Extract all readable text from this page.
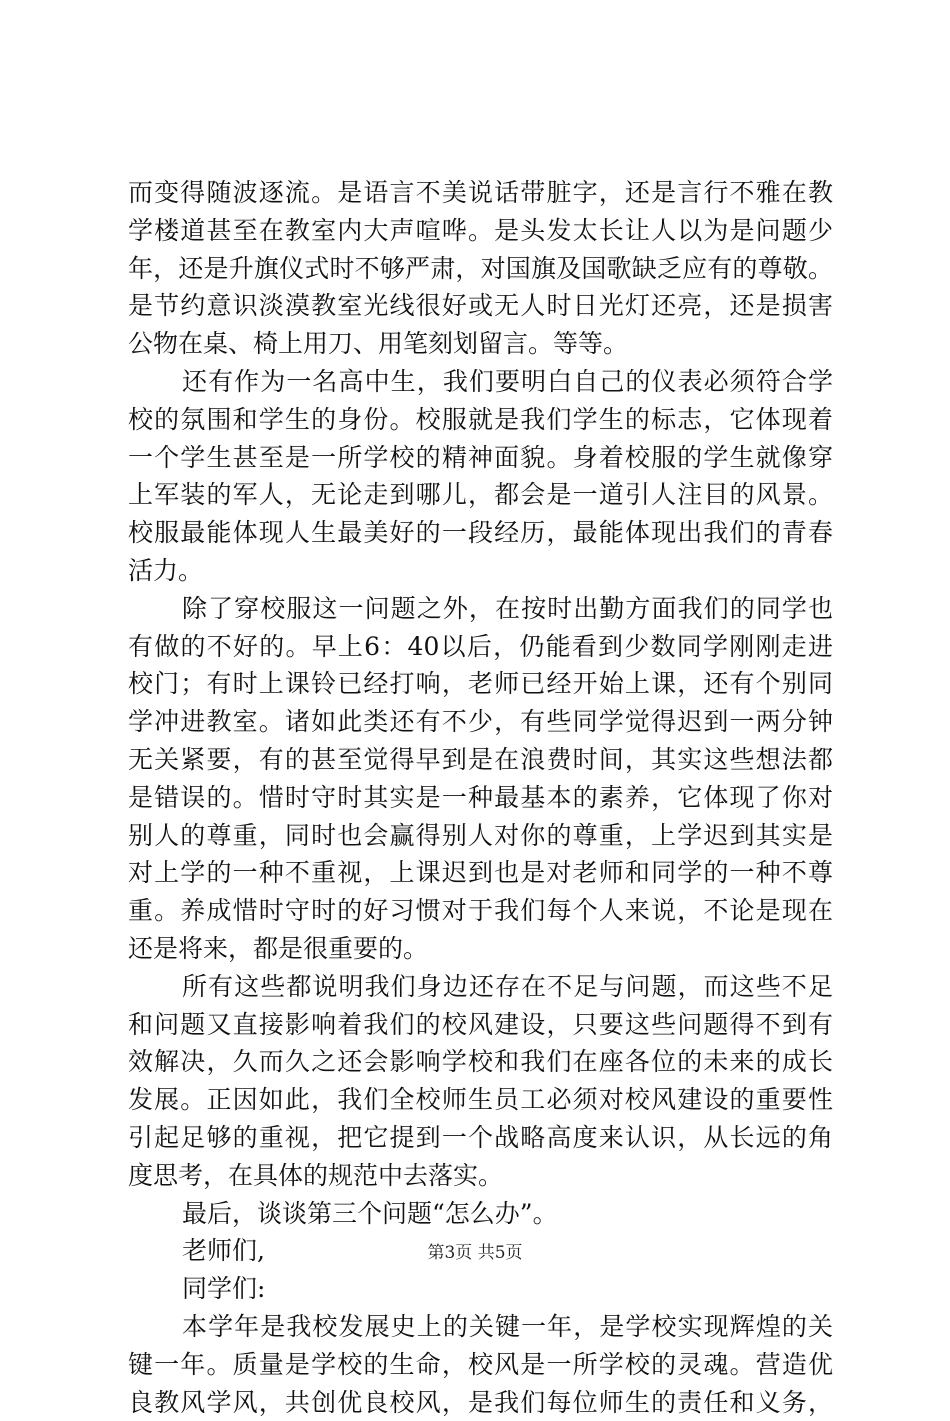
而变得随波逐流。是语言不美说话带脏字，还是言行不雅在教
学楼道甚至在教室内大声喧哗。是头发太长让人以为是问题少
年，还是升旗仪式时不够严肃，对国旗及国歌缺乏应有的尊敬。
是节约意识淡漠教室光线很好或无人时日光灯还亮，还是损害
公物在桌、椅上用刀、用笔刻划留言。等等。
还有作为一名高中生，我们要明白自己的仪表必须符合学
校的氛围和学生的身份。校服就是我们学生的标志，它体现着
一个学生甚至是一所学校的精神面貌。身着校服的学生就像穿
上军装的军人，无论走到哪儿，都会是一道引人注目的风景。
校服最能体现人生最美好的一段经历，最能体现出我们的青春
活力。
除了穿校服这一问题之外，在按时出勤方面我们的同学也
有做的不好的。早上6：40以后，仍能看到少数同学刚刚走进
校门；有时上课铃已经打响，老师已经开始上课，还有个别同
学冲进教室。诸如此类还有不少，有些同学觉得迟到一两分钟
无关紧要，有的甚至觉得早到是在浪费时间，其实这些想法都
是错误的。惜时守时其实是一种最基本的素养，它体现了你对
别人的尊重，同时也会赢得别人对你的尊重，上学迟到其实是
对上学的一种不重视，上课迟到也是对老师和同学的一种不尊
重。养成惜时守时的好习惯对于我们每个人来说，不论是现在
还是将来，都是很重要的。
所有这些都说明我们身边还存在不足与问题，而这些不足
和问题又直接影响着我们的校风建设，只要这些问题得不到有
效解决，久而久之还会影响学校和我们在座各位的未来的成长
发展。正因如此，我们全校师生员工必须对校风建设的重要性
引起足够的重视，把它提到一个战略高度来认识，从长远的角
度思考，在具体的规范中去落实。
最后，谈谈第三个问题“怎么办”。
老师们,
同学们:
本学年是我校发展史上的关键一年，是学校实现辉煌的关
键一年。质量是学校的生命，校风是一所学校的灵魂。营造优
良教风学风，共创优良校风，是我们每位师生的责任和义务，
第3页 共5页
